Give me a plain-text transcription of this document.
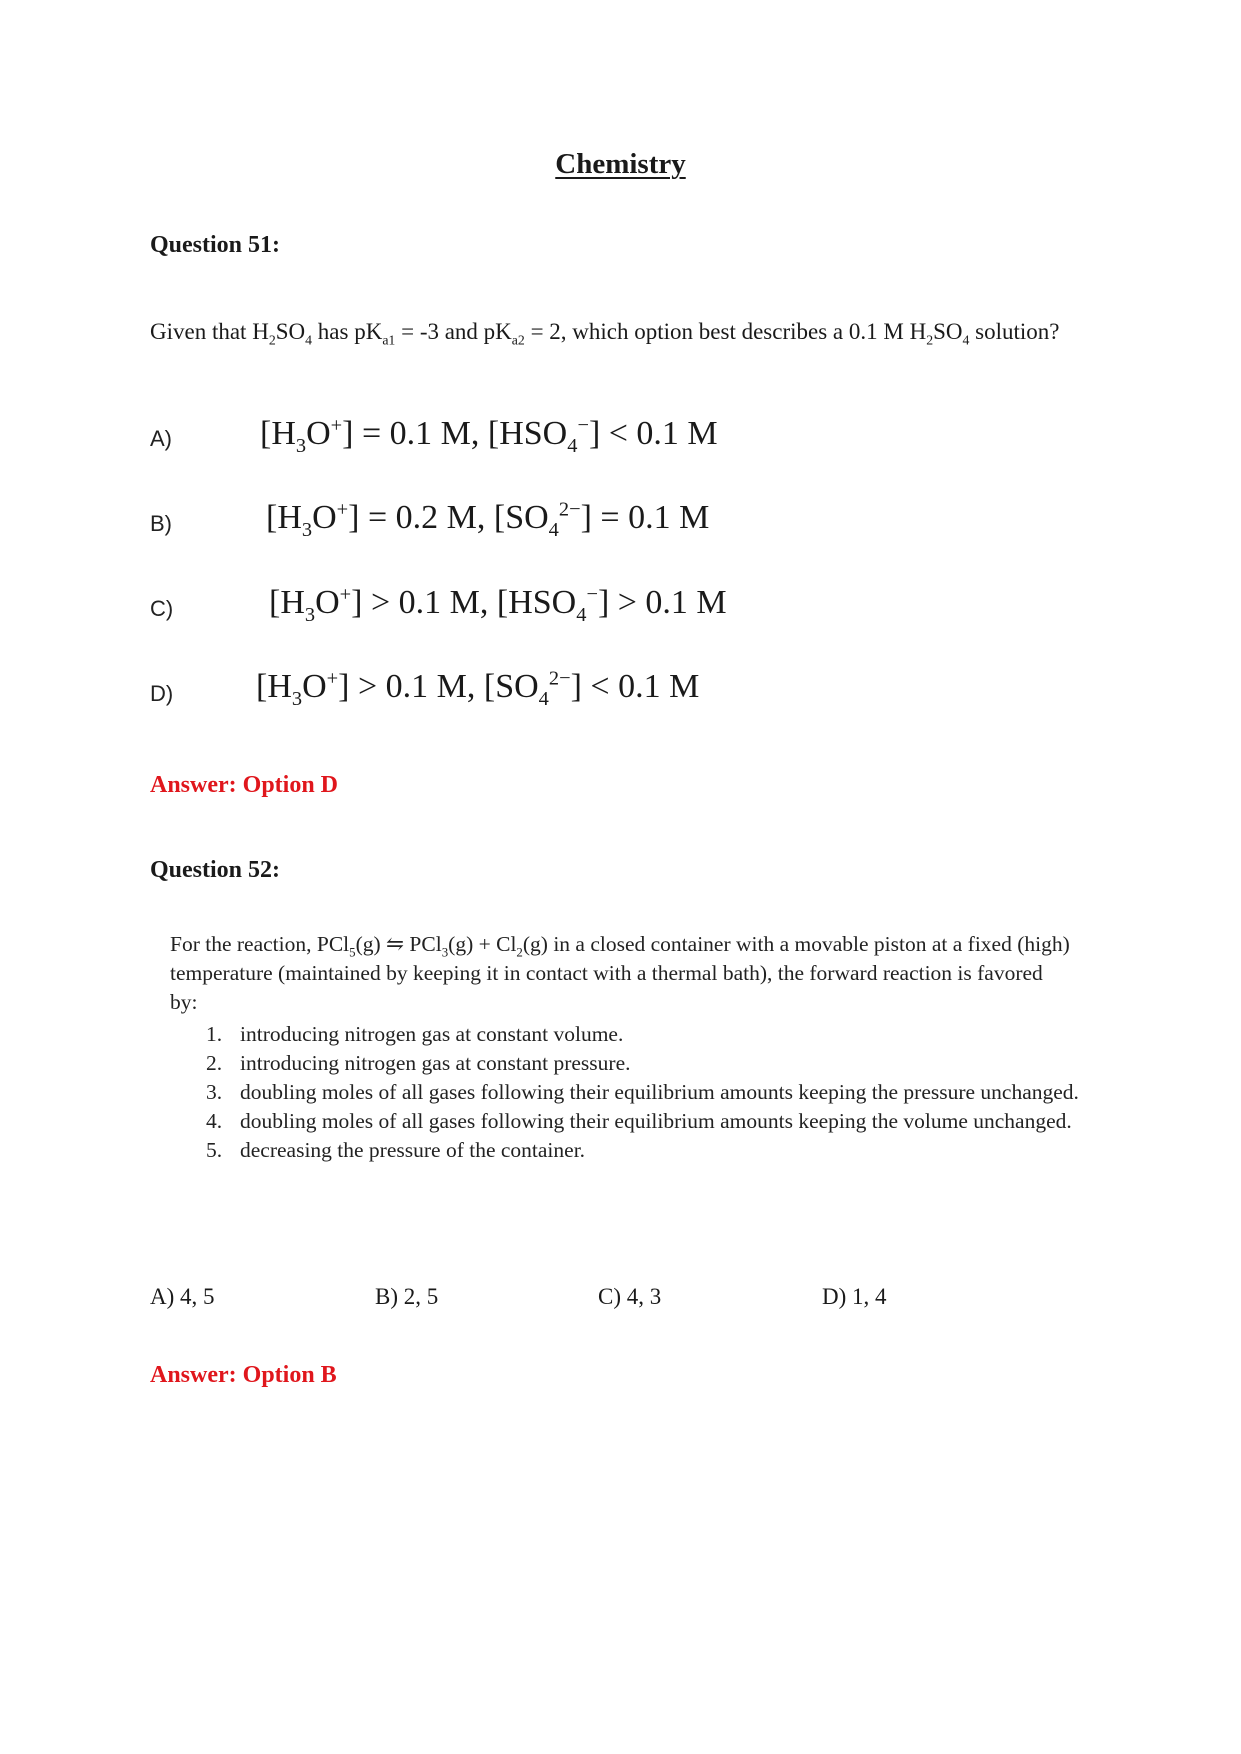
Chemistry
Question 51:
Given that $H_2SO_4$ has $pK_{a1} = -3$ and $pK_{a2} = 2$, which option best describes a 0.1 M $H_2SO_4$ solution?
A)	$[H_3O^+] = 0.1$ M, $[HSO_4^-] < 0.1$ M
B)	$[H_3O^+] = 0.2$ M, $[SO_4^{2-}] = 0.1$ M
C)	$[H_3O^+] > 0.1$ M, $[HSO_4^-] > 0.1$ M
D) $[H_3O^+] > 0.1$ M, $[SO_4^{2-}] < 0.1$ M
Answer: Option D
Question 52:
For the reaction, PCl$_5$(g) ⇋ $PCl_3(g) + Cl_2(g)$ in a closed container with a movable piston at a fixed (high) temperature (maintained by keeping it in contact with a thermal bath), the forward reaction is favored by:
1. introducing nitrogen gas at constant volume.
2. introducing nitrogen gas at constant pressure.
3. doubling moles of all gases following their equilibrium amounts keeping the pressure unchanged.
4. doubling moles of all gases following their equilibrium amounts keeping the volume unchanged.
5. decreasing the pressure of the container.
A) 4, 5	B) 2, 5	C) 4, 3	D) 1, 4
Answer: Option B
